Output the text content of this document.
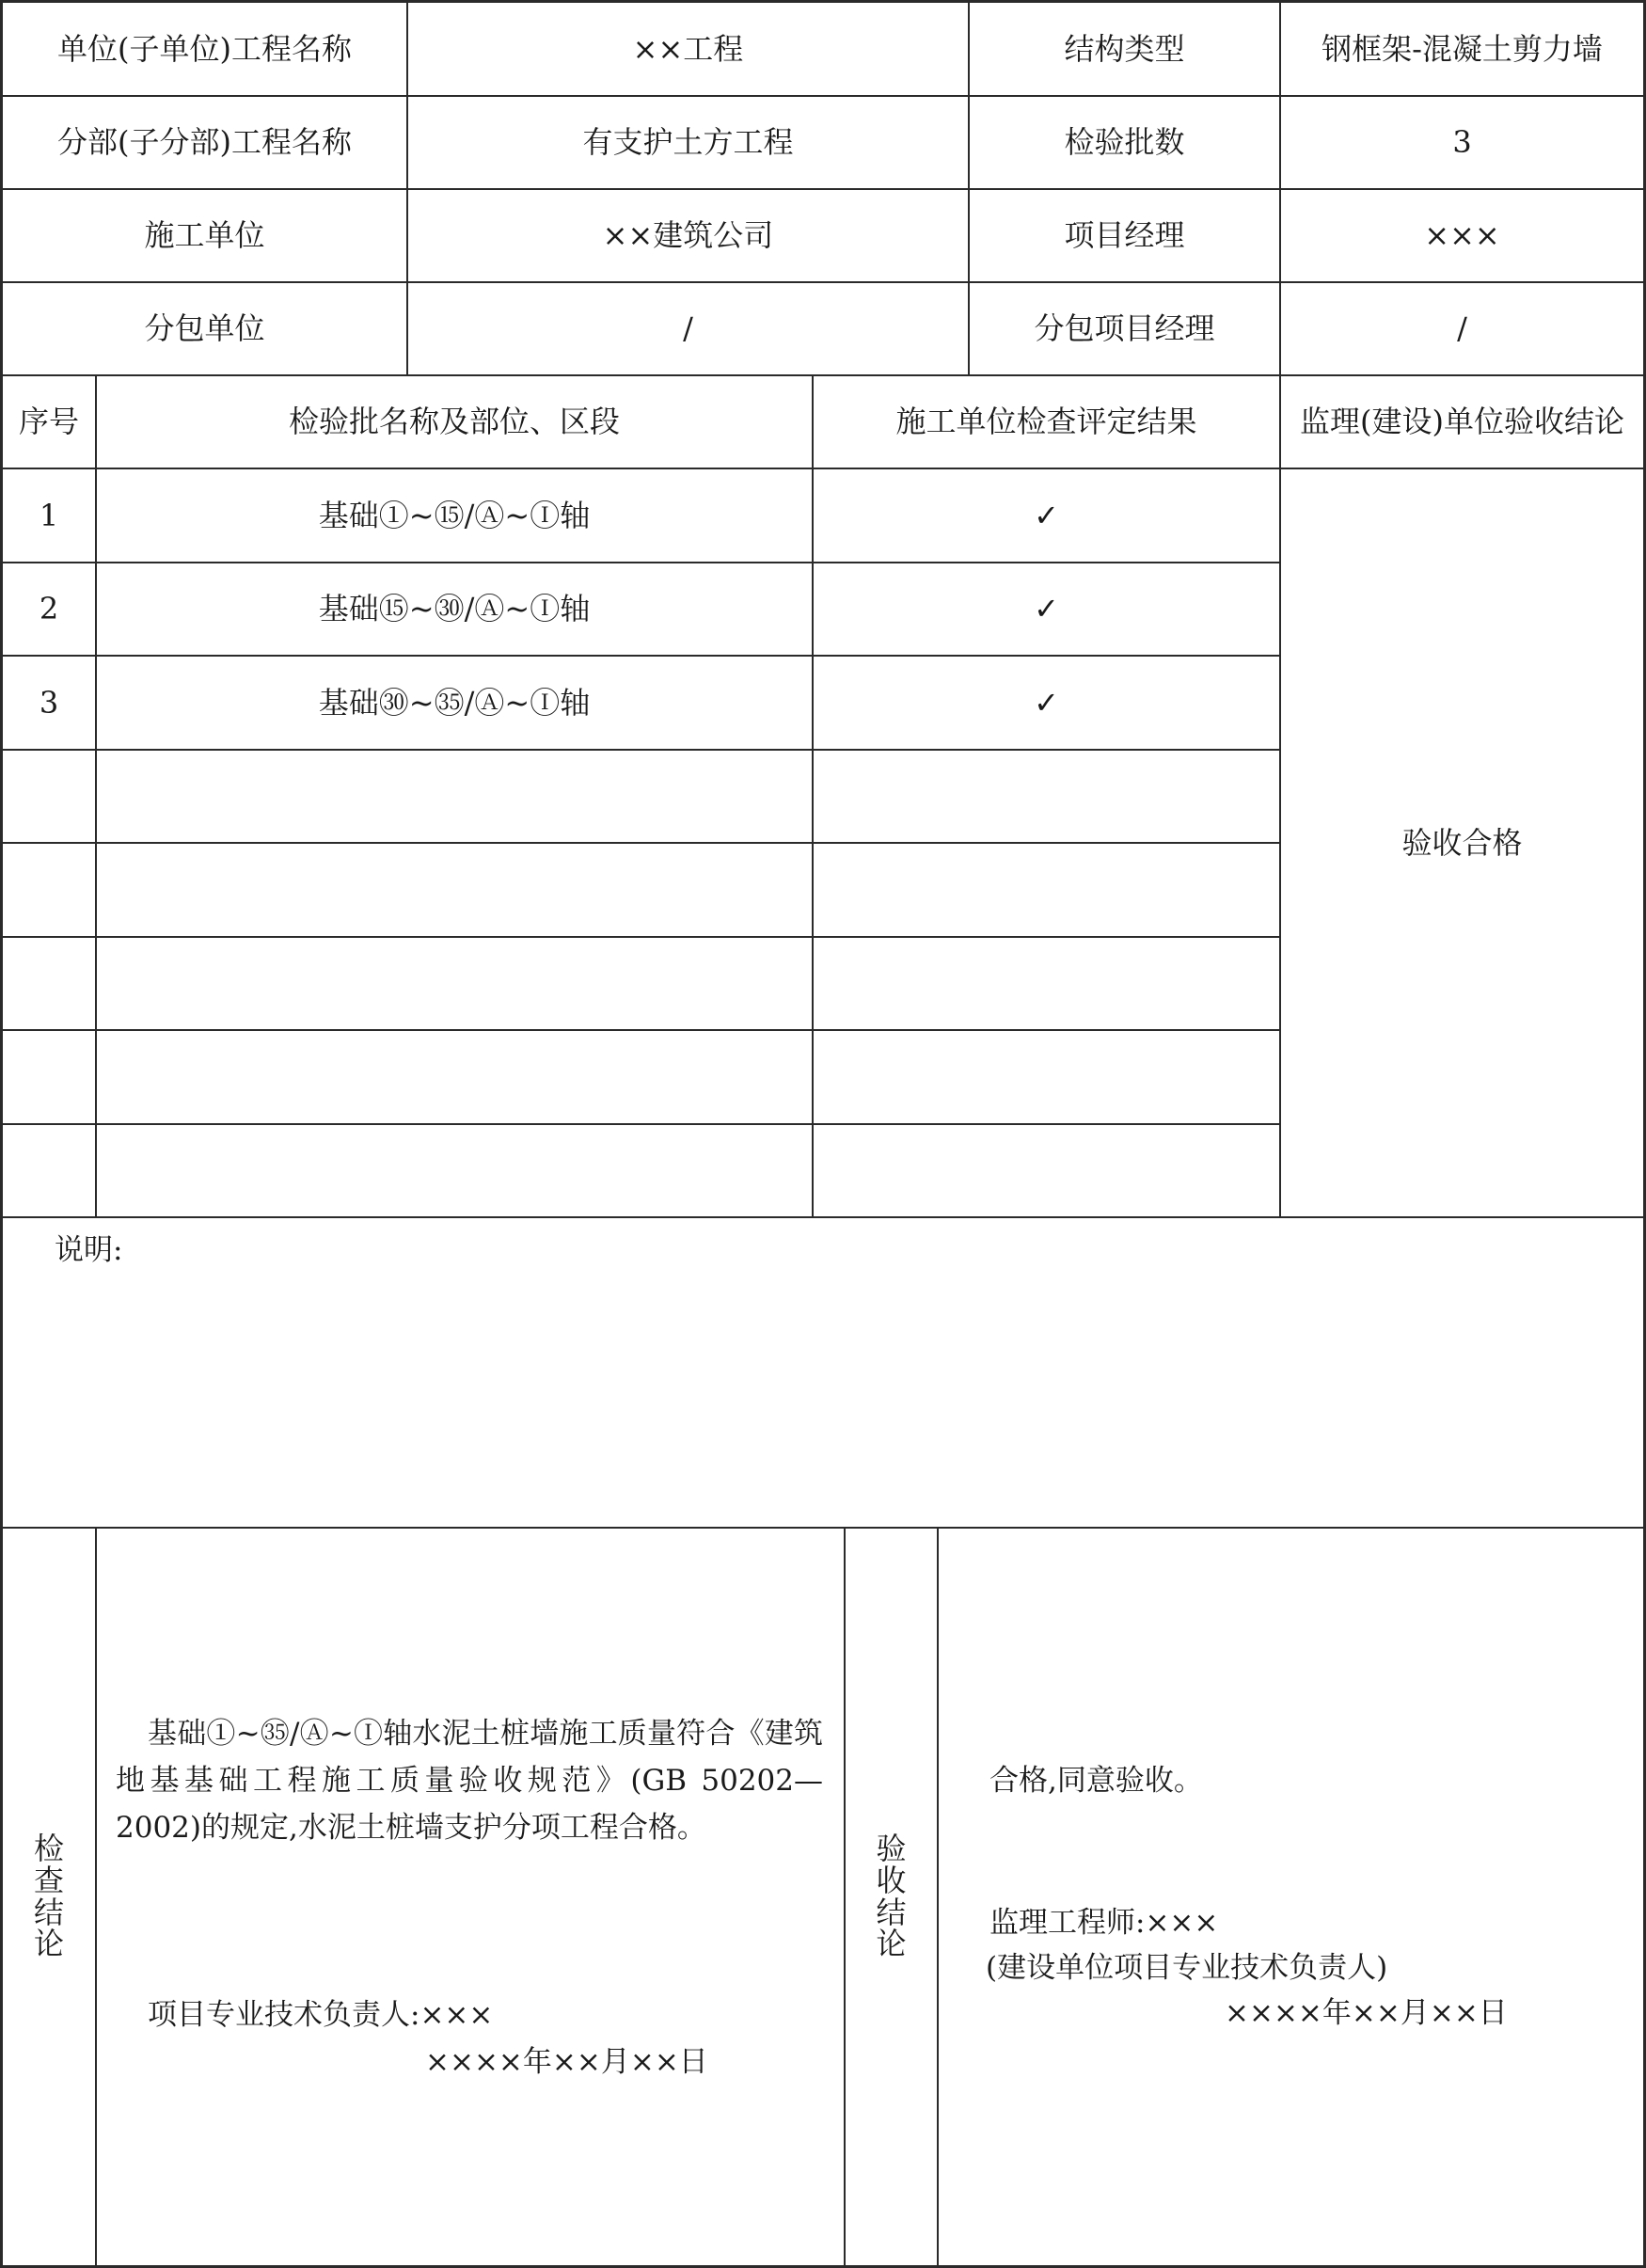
单位(子单位)工程名称	××工程	结构类型	钢框架-混凝土剪力墙
分部(子分部)工程名称	有支护土方工程	检验批数	3
施工单位	××建筑公司	项目经理	×××
分包单位	/	分包项目经理	/
序号	检验批名称及部位、区段	施工单位检查评定结果	监理(建设)单位验收结论
1	基础①~⑮/Ⓐ~Ⓘ轴	✓
2	基础⑮~㉚/Ⓐ~Ⓘ轴	✓
3	基础㉚~㉟/Ⓐ~Ⓘ轴	✓
验收合格
说明:
检
查
结
论
基础①~㉟/Ⓐ~Ⓘ轴水泥土桩墙施工质量符合《建筑地基基础工程施工质量验收规范》(GB 50202—2002)的规定,水泥土桩墙支护分项工程合格。
项目专业技术负责人:×××
××××年××月××日
验
收
结
论
合格,同意验收。
监理工程师:×××
(建设单位项目专业技术负责人)
××××年××月××日
